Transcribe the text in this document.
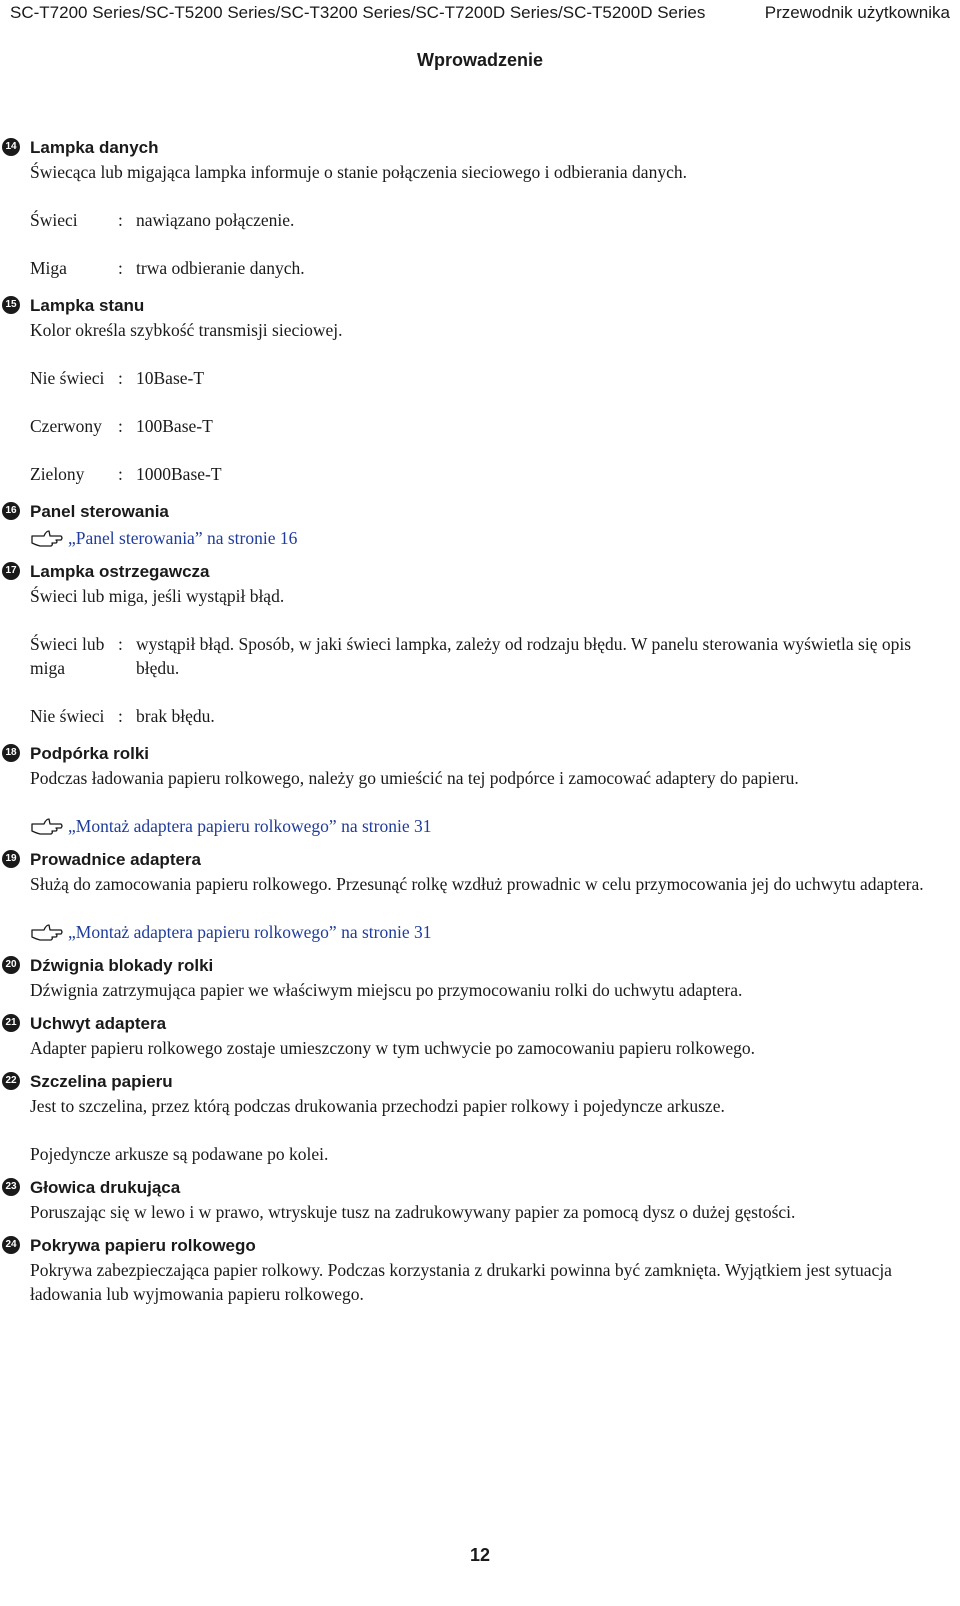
SC-T7200 Series/SC-T5200 Series/SC-T3200 Series/SC-T7200D Series/SC-T5200D Series	Przewodnik użytkownika
Wprowadzenie
14 Lampka danych

Świecąca lub migająca lampka informuje o stanie połączenia sieciowego i odbierania danych.

Świeci	: nawiązano połączenie.
Miga	: trwa odbieranie danych.
15 Lampka stanu

Kolor określa szybkość transmisji sieciowej.

Nie świeci : 10Base-T
Czerwony : 100Base-T
Zielony	: 1000Base-T
16 Panel sterowania

„Panel sterowania” na stronie 16
17 Lampka ostrzegawcza

Świeci lub miga, jeśli wystąpił błąd.

Świeci lub miga
: wystąpił błąd. Sposób, w jaki świeci lampka, zależy od rodzaju błędu. W panelu sterowania wyświetla się opis błędu.
Nie świeci : brak błędu.
18 Podpórka rolki

Podczas ładowania papieru rolkowego, należy go umieścić na tej podpórce i zamocować adaptery do papieru.

„Montaż adaptera papieru rolkowego” na stronie 31
19 Prowadnice adaptera

Służą do zamocowania papieru rolkowego. Przesunąć rolkę wzdłuż prowadnic w celu przymocowania jej do uchwytu adaptera.

„Montaż adaptera papieru rolkowego” na stronie 31
20 Dźwignia blokady rolki

Dźwignia zatrzymująca papier we właściwym miejscu po przymocowaniu rolki do uchwytu adaptera.

21 Uchwyt adaptera

Adapter papieru rolkowego zostaje umieszczony w tym uchwycie po zamocowaniu papieru rolkowego.

22 Szczelina papieru

Jest to szczelina, przez którą podczas drukowania przechodzi papier rolkowy i pojedyncze arkusze.

Pojedyncze arkusze są podawane po kolei.

23 Głowica drukująca

Poruszając się w lewo i w prawo, wtryskuje tusz na zadrukowywany papier za pomocą dysz o dużej gęstości.

24 Pokrywa papieru rolkowego

Pokrywa zabezpieczająca papier rolkowy. Podczas korzystania z drukarki powinna być zamknięta. Wyjątkiem jest sytuacja ładowania lub wyjmowania papieru rolkowego.

12
